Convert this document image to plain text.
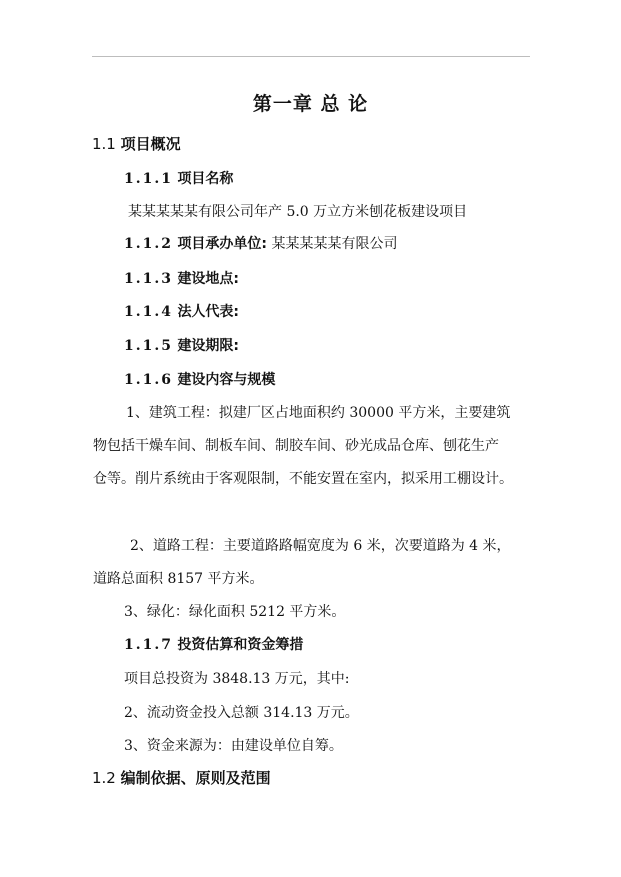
第一章 总 论
1.1 项目概况
1.1.1 项目名称
某某某某某有限公司年产 5.0 万立方米刨花板建设项目
1.1.2 项目承办单位: 某某某某某有限公司
1.1.3 建设地点:
1.1.4 法人代表:
1.1.5 建设期限:
1.1.6 建设内容与规模
1、建筑工程：拟建厂区占地面积约 30000 平方米，主要建筑
物包括干燥车间、制板车间、制胶车间、砂光成品仓库、刨花生产
仓等。削片系统由于客观限制，不能安置在室内，拟采用工棚设计。
2、道路工程：主要道路路幅宽度为 6 米，次要道路为 4 米，
道路总面积 8157 平方米。
3、绿化：绿化面积 5212 平方米。
1.1.7 投资估算和资金筹措
项目总投资为 3848.13 万元，其中:
2、流动资金投入总额 314.13 万元。
3、资金来源为：由建设单位自筹。
1.2 编制依据、原则及范围
